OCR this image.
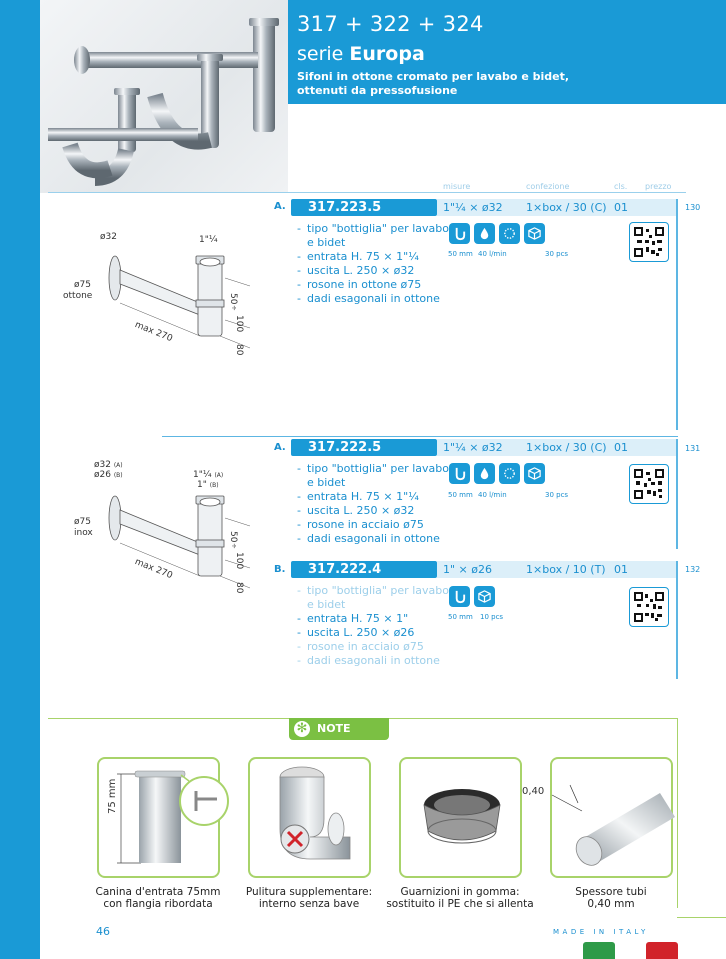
317 + 322 + 324
serie Europa
Sifoni in ottone cromato per lavabo e bidet,
ottenuti da pressofusione
misure	confezione	cls. prezzo
A.	317.223.5	1"¼ × ø32 1×box / 30 (C) 01	130
- tipo "bottiglia" per lavabo
e bidet
- entrata H. 75 × 1"¼
- uscita L. 250 × ø32
- rosone in ottone ø75
- dadi esagonali in ottone
50 mm 40 l/min	30 pcs
ø32	1"¼
ø75
ottone
max 270
50
÷
100
80
A.	317.222.5	1"¼ × ø32 1×box / 30 (C) 01	131
- tipo "bottiglia" per lavabo
e bidet
- entrata H. 75 × 1"¼
- uscita L. 250 × ø32
- rosone in acciaio ø75
- dadi esagonali in ottone
50 mm 40 l/min	30 pcs
ø32 (A)
ø26 (B)	1"¼ (A)
1" (B)
ø75
inox
max 270
50
÷
100
80
B.	317.222.4	1" × ø26	1×box / 10 (T) 01	132
- tipo "bottiglia" per lavabo
e bidet
- entrata H. 75 × 1"
- uscita L. 250 × ø26
- rosone in acciaio ø75
- dadi esagonali in ottone
50 mm 10 pcs
✻ NOTE
75 mm	0,40
Canina d'entrata 75mm
con flangia ribordata
Pulitura supplementare:
interno senza bave
Guarnizioni in gomma:
sostituito il PE che si allenta
Spessore tubi
0,40 mm
46	MADE IN ITALY
